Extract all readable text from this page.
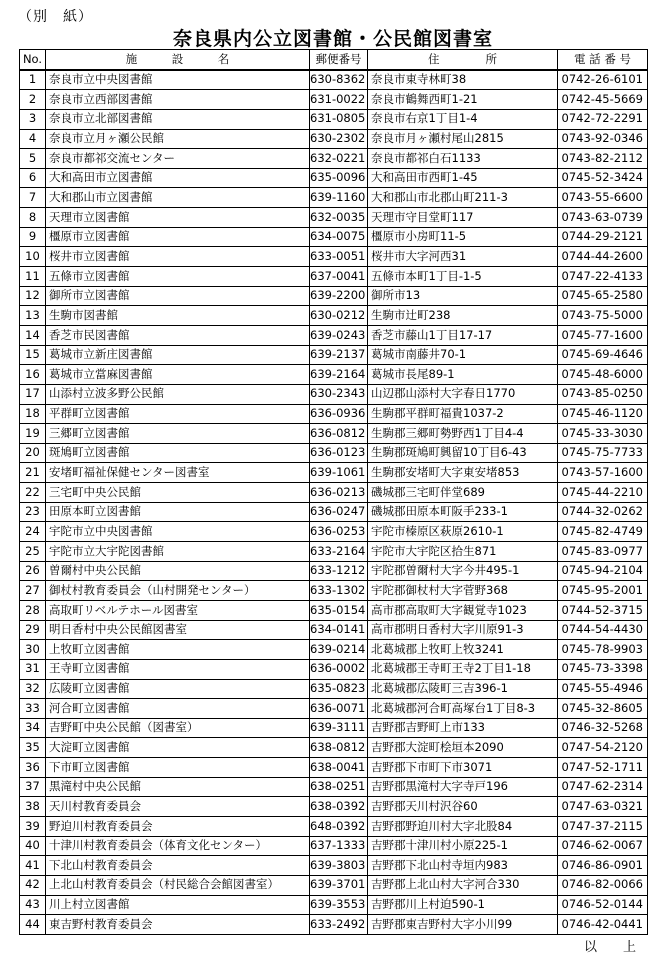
（別　紙）
奈良県内公立図書館・公民館図書室
No.	施　　　設　　　名	郵便番号	住　　　　所	電 話 番 号
1	奈良市立中央図書館	630-8362	奈良市東寺林町38	0742-26-6101
2	奈良市立西部図書館	631-0022	奈良市鶴舞西町1-21	0742-45-5669
3	奈良市立北部図書館	631-0805	奈良市右京1丁目1-4	0742-72-2291
4	奈良市立月ヶ瀬公民館	630-2302	奈良市月ヶ瀬村尾山2815	0743-92-0346
5	奈良市都祁交流センター	632-0221	奈良市都祁白石1133	0743-82-2112
6	大和高田市立図書館	635-0096	大和高田市西町1-45	0745-52-3424
7	大和郡山市立図書館	639-1160	大和郡山市北郡山町211-3	0743-55-6600
8	天理市立図書館	632-0035	天理市守目堂町117	0743-63-0739
9	橿原市立図書館	634-0075	橿原市小房町11-5	0744-29-2121
10	桜井市立図書館	633-0051	桜井市大字河西31	0744-44-2600
11	五條市立図書館	637-0041	五條市本町1丁目-1-5	0747-22-4133
12	御所市立図書館	639-2200	御所市13	0745-65-2580
13	生駒市図書館	630-0212	生駒市辻町238	0743-75-5000
14	香芝市民図書館	639-0243	香芝市藤山1丁目17-17	0745-77-1600
15	葛城市立新庄図書館	639-2137	葛城市南藤井70-1	0745-69-4646
16	葛城市立當麻図書館	639-2164	葛城市長尾89-1	0745-48-6000
17	山添村立波多野公民館	630-2343	山辺郡山添村大字春日1770	0743-85-0250
18	平群町立図書館	636-0936	生駒郡平群町福貴1037-2	0745-46-1120
19	三郷町立図書館	636-0812	生駒郡三郷町勢野西1丁目4-4	0745-33-3030
20	斑鳩町立図書館	636-0123	生駒郡斑鳩町興留10丁目6-43	0745-75-7733
21	安堵町福祉保健センター図書室	639-1061	生駒郡安堵町大字東安堵853	0743-57-1600
22	三宅町中央公民館	636-0213	磯城郡三宅町伴堂689	0745-44-2210
23	田原本町立図書館	636-0247	磯城郡田原本町阪手233-1	0744-32-0262
24	宇陀市立中央図書館	636-0253	宇陀市榛原区萩原2610-1	0745-82-4749
25	宇陀市立大宇陀図書館	633-2164	宇陀市大宇陀区拾生871	0745-83-0977
26	曽爾村中央公民館	633-1212	宇陀郡曽爾村大字今井495-1	0745-94-2104
27	御杖村教育委員会（山村開発センター）	633-1302	宇陀郡御杖村大字菅野368	0745-95-2001
28	高取町リベルテホール図書室	635-0154	高市郡高取町大字観覚寺1023	0744-52-3715
29	明日香村中央公民館図書室	634-0141	高市郡明日香村大字川原91-3	0744-54-4430
30	上牧町立図書館	639-0214	北葛城郡上牧町上牧3241	0745-78-9903
31	王寺町立図書館	636-0002	北葛城郡王寺町王寺2丁目1-18	0745-73-3398
32	広陵町立図書館	635-0823	北葛城郡広陵町三吉396-1	0745-55-4946
33	河合町立図書館	636-0071	北葛城郡河合町高塚台1丁目8-3	0745-32-8605
34	吉野町中央公民館（図書室）	639-3111	吉野郡吉野町上市133	0746-32-5268
35	大淀町立図書館	638-0812	吉野郡大淀町桧垣本2090	0747-54-2120
36	下市町立図書館	638-0041	吉野郡下市町下市3071	0747-52-1711
37	黒滝村中央公民館	638-0251	吉野郡黒滝村大字寺戸196	0747-62-2314
38	天川村教育委員会	638-0392	吉野郡天川村沢谷60	0747-63-0321
39	野迫川村教育委員会	648-0392	吉野郡野迫川村大字北股84	0747-37-2115
40	十津川村教育委員会（体育文化センター）	637-1333	吉野郡十津川村小原225-1	0746-62-0067
41	下北山村教育委員会	639-3803	吉野郡下北山村寺垣内983	0746-86-0901
42	上北山村教育委員会（村民総合会館図書室）	639-3701	吉野郡上北山村大字河合330	0746-82-0066
43	川上村立図書館	639-3553	吉野郡川上村迫590-1	0746-52-0144
44	東吉野村教育委員会	633-2492	吉野郡東吉野村大字小川99	0746-42-0441
以上
